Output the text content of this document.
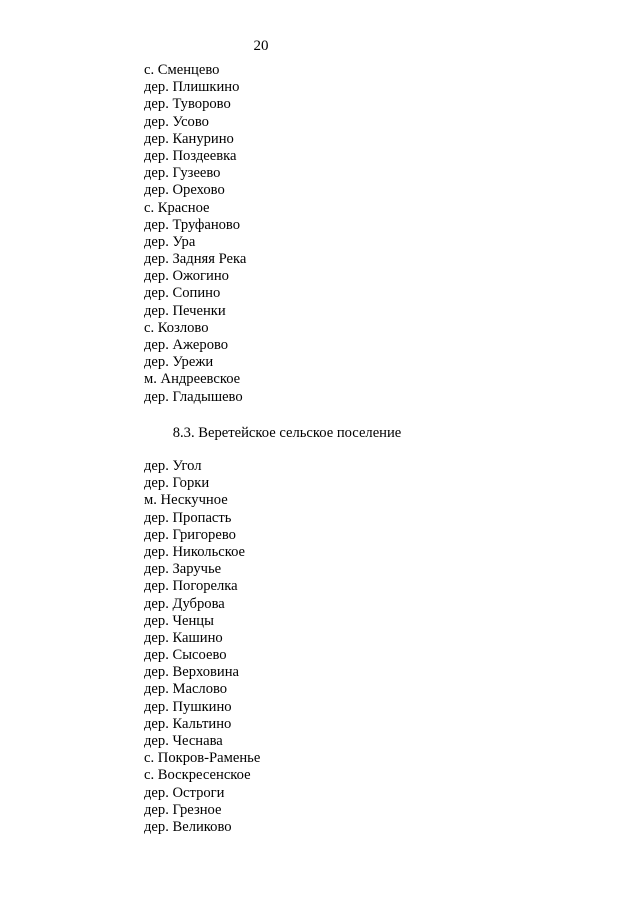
20
с. Сменцево
дер. Плишкино
дер. Туворово
дер. Усово
дер. Канурино
дер. Поздеевка
дер. Гузеево
дер. Орехово
с. Красное
дер. Труфаново
дер. Ура
дер. Задняя Река
дер. Ожогино
дер. Сопино
дер. Печенки
с. Козлово
дер. Ажерово
дер. Урежи
м. Андреевское
дер. Гладышево
8.3. Веретейское сельское поселение
дер. Угол
дер. Горки
м. Нескучное
дер. Пропасть
дер. Григорево
дер. Никольское
дер. Заручье
дер. Погорелка
дер. Дуброва
дер. Ченцы
дер. Кашино
дер. Сысоево
дер. Верховина
дер. Маслово
дер. Пушкино
дер. Кальтино
дер. Чеснава
с. Покров-Раменье
с. Воскресенское
дер. Остроги
дер. Грезное
дер. Великово
